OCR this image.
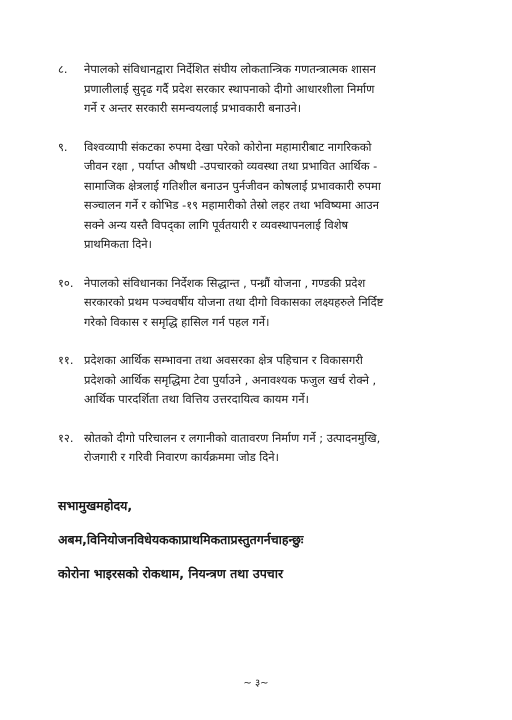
८.	नेपालको संविधानद्वारा निर्देशित संघीय लोकतान्त्रिक गणतन्त्रात्मक शासन
प्रणालीलाई सुदृढ गर्दै प्रदेश सरकार स्थापनाको दीगो आधारशीला निर्माण
गर्ने र अन्तर सरकारी समन्वयलाई प्रभावकारी बनाउने।
९.	विश्वव्यापी संकटका रुपमा देखा परेको कोरोना महामारीबाट नागरिकको
जीवन रक्षा , पर्याप्त औषधी -उपचारको व्यवस्था तथा प्रभावित आर्थिक -
सामाजिक क्षेत्रलाई गतिशील बनाउन पुर्नजीवन कोषलाई प्रभावकारी रुपमा
सञ्चालन गर्ने र कोभिड -१९ महामारीको तेस्रो लहर तथा भविष्यमा आउन
सक्ने अन्य यस्तै विपद्का लागि पूर्वतयारी र व्यवस्थापनलाई विशेष
प्राथमिकता दिने।
१०. नेपालको संविधानका निर्देशक सिद्धान्त , पन्ध्रौं योजना , गण्डकी प्रदेश
सरकारको प्रथम पञ्चवर्षीय योजना तथा दीगो विकासका लक्ष्यहरुले निर्दिष्ट
गरेको विकास र समृद्धि हासिल गर्न पहल गर्ने।
११. प्रदेशका आर्थिक सम्भावना तथा अवसरका क्षेत्र पहिचान र विकासगरी
प्रदेशको आर्थिक समृद्धिमा टेवा पुर्याउने , अनावश्यक फजुल खर्च रोक्ने ,
आर्थिक पारदर्शिता तथा वित्तिय उत्तरदायित्व कायम गर्ने।
१२. स्रोतको दीगो परिचालन र लगानीको वातावरण निर्माण गर्ने ; उत्पादनमुखि,
रोजगारी र गरिवी निवारण कार्यक्रममा जोड दिने।

सभामुखमहोदय,

अबम,विनियोजनविधेयककाप्राथमिकताप्रस्तुतगर्नचाहन्छुः

कोरोना भाइरसको रोकथाम, नियन्त्रण तथा उपचार

~ ३~
